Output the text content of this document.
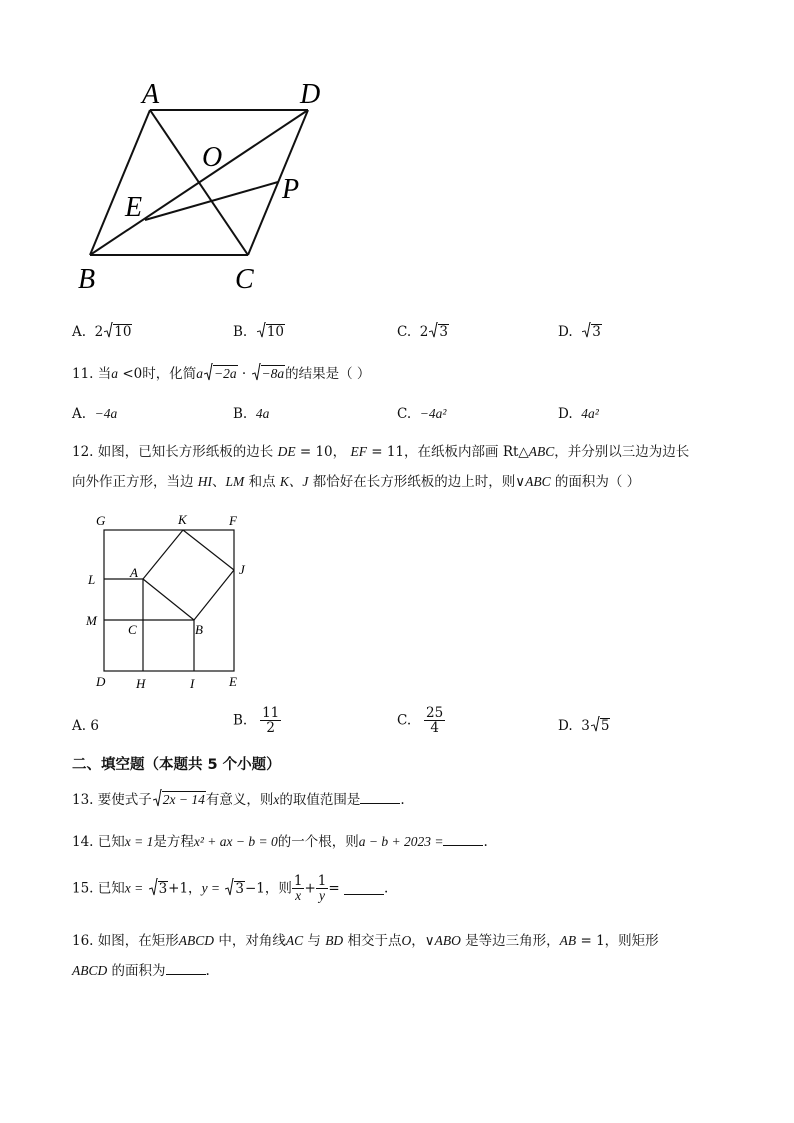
A	D
O
E
P
B	C
A. 2 10	B. 10	C. 2 3	D. 3
11. 当a <0时，化简a −2a · −8a的结果是（ ）
A. −4a	B. 4a	C. −4a²	D. 4a²
12. 如图，已知长方形纸板的边长 DE = 10， EF = 11，在纸板内部画 Rt△ABC，并分别以三边为边长
向外作正方形，当边 HI、LM 和点 K、J 都恰好在长方形纸板的边上时，则∨ABC 的面积为（ ）
G	K	F
J
L	A
M
C	B
D H	I	E
A. 6	B. $\frac{11}{2}$	C. $\frac{25}{4}$	D. 3 5
二、填空题（本题共 5 个小题）
13. 要使式子 2x − 14有意义，则x的取值范围是	.
14. 已知x = 1是方程x² + ax − b = 0的一个根，则a − b + 2023 =	.
15. 已知x = 3+1，y = 3−1，则 $\frac{1}{x} + \frac{1}{y}$ =	.
16. 如图，在矩形ABCD 中，对角线AC 与 BD 相交于点O，∨ABO 是等边三角形，AB = 1，则矩形
ABCD 的面积为	.
